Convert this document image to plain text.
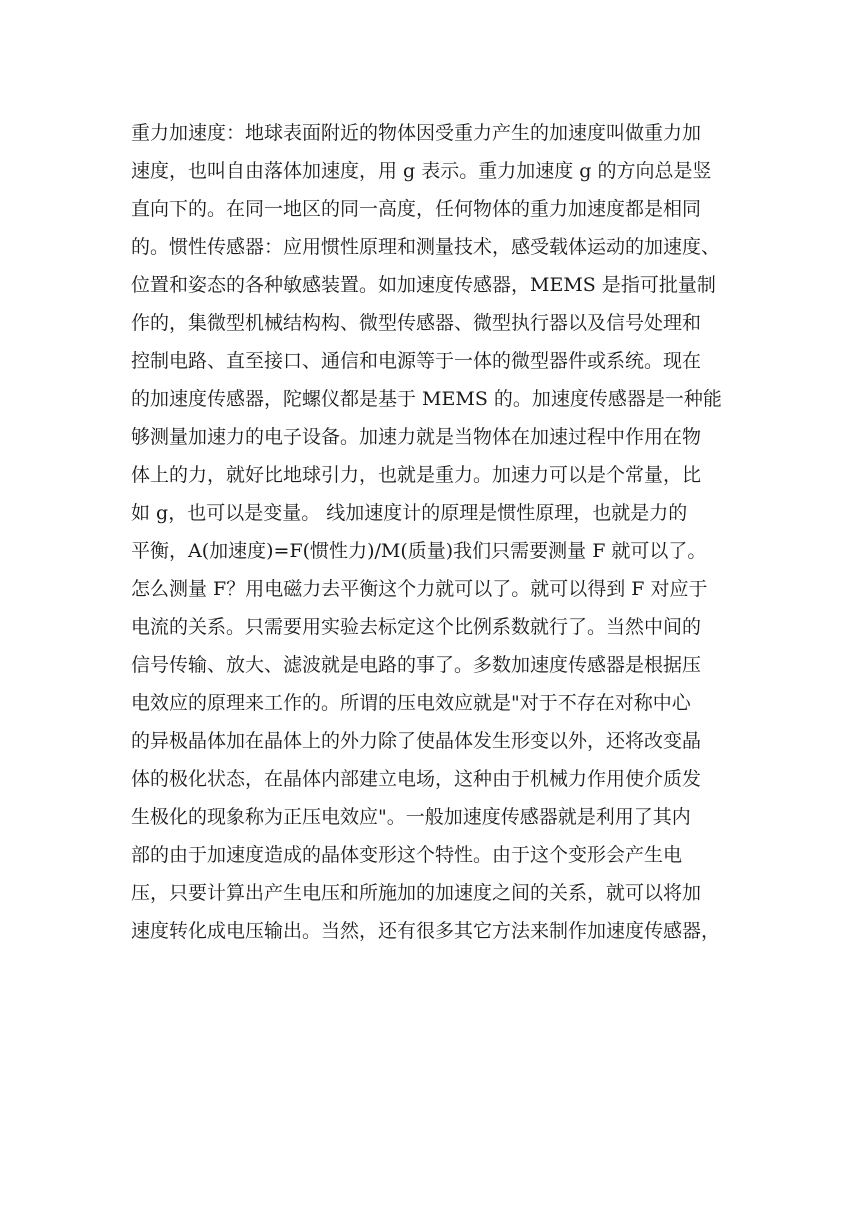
重力加速度：地球表面附近的物体因受重力产生的加速度叫做重力加
速度，也叫自由落体加速度，用 g 表示。重力加速度 g 的方向总是竖
直向下的。在同一地区的同一高度，任何物体的重力加速度都是相同
的。惯性传感器：应用惯性原理和测量技术，感受载体运动的加速度、
位置和姿态的各种敏感装置。如加速度传感器，MEMS 是指可批量制
作的，集微型机械结构构、微型传感器、微型执行器以及信号处理和
控制电路、直至接口、通信和电源等于一体的微型器件或系统。现在
的加速度传感器，陀螺仪都是基于 MEMS 的。加速度传感器是一种能
够测量加速力的电子设备。加速力就是当物体在加速过程中作用在物
体上的力，就好比地球引力，也就是重力。加速力可以是个常量，比
如 g，也可以是变量。 线加速度计的原理是惯性原理，也就是力的
平衡，A(加速度)=F(惯性力)/M(质量)我们只需要测量 F 就可以了。
怎么测量 F？用电磁力去平衡这个力就可以了。就可以得到 F 对应于
电流的关系。只需要用实验去标定这个比例系数就行了。当然中间的
信号传输、放大、滤波就是电路的事了。多数加速度传感器是根据压
电效应的原理来工作的。所谓的压电效应就是"对于不存在对称中心
的异极晶体加在晶体上的外力除了使晶体发生形变以外，还将改变晶
体的极化状态，在晶体内部建立电场，这种由于机械力作用使介质发
生极化的现象称为正压电效应"。一般加速度传感器就是利用了其内
部的由于加速度造成的晶体变形这个特性。由于这个变形会产生电
压，只要计算出产生电压和所施加的加速度之间的关系，就可以将加
速度转化成电压输出。当然，还有很多其它方法来制作加速度传感器，
